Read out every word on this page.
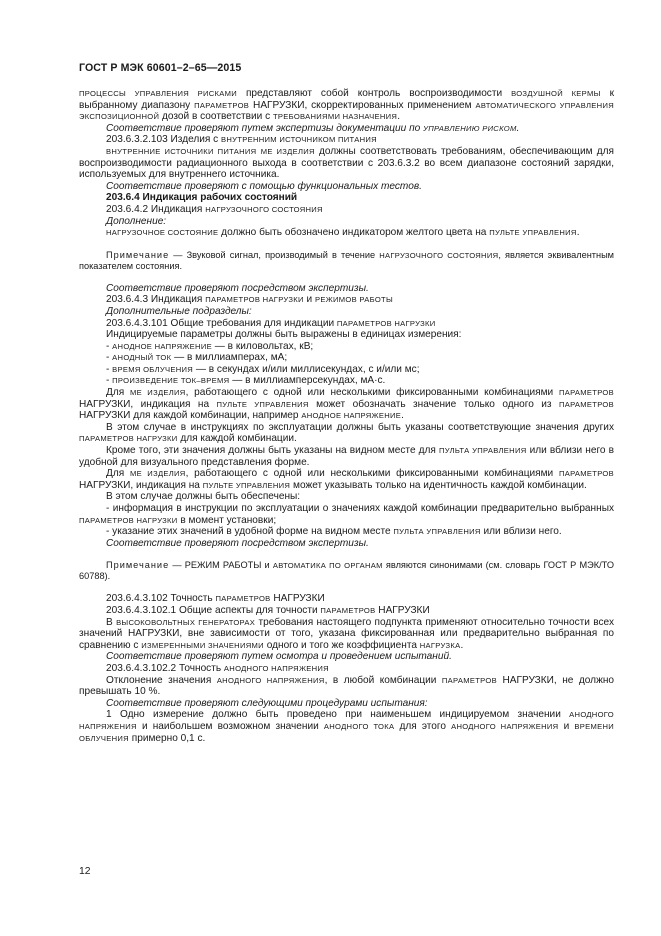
ГОСТ Р МЭК 60601–2–65—2015

ПРОЦЕССЫ УПРАВЛЕНИЯ РИСКАМИ представляют собой контроль воспроизводимости ВОЗДУШНОЙ КЕРМЫ к выбранному диапазону ПАРАМЕТРОВ НАГРУЗКИ, скорректированных применением АВТОМАТИЧЕСКОГО УПРАВЛЕНИЯ ЭКСПОЗИЦИОННОЙ дозой в соответствии с ТРЕБОВАНИЯМИ НАЗНАЧЕНИЯ.

Соответствие проверяют путем экспертизы документации по УПРАВЛЕНИЮ РИСКОМ.

203.6.3.2.103 Изделия с ВНУТРЕННИМ ИСТОЧНИКОМ ПИТАНИЯ

ВНУТРЕННИЕ ИСТОЧНИКИ ПИТАНИЯ МЕ ИЗДЕЛИЯ должны соответствовать требованиям, обеспечивающим для воспроизводимости радиационного выхода в соответствии с 203.6.3.2 во всем диапазоне состояний зарядки, используемых для внутреннего источника.

Соответствие проверяют с помощью функциональных тестов.

203.6.4 Индикация рабочих состояний

203.6.4.2 Индикация НАГРУЗОЧНОГО СОСТОЯНИЯ

Дополнение:

НАГРУЗОЧНОЕ СОСТОЯНИЕ должно быть обозначено индикатором желтого цвета на ПУЛЬТЕ УПРАВЛЕНИЯ.

Примечание — Звуковой сигнал, производимый в течение НАГРУЗОЧНОГО СОСТОЯНИЯ, является эквивалентным показателем состояния.

Соответствие проверяют посредством экспертизы.

203.6.4.3 Индикация ПАРАМЕТРОВ НАГРУЗКИ и РЕЖИМОВ РАБОТЫ

Дополнительные подразделы:

203.6.4.3.101 Общие требования для индикации ПАРАМЕТРОВ НАГРУЗКИ

Индицируемые параметры должны быть выражены в единицах измерения:

- АНОДНОЕ НАПРЯЖЕНИЕ — в киловольтах, кВ;

- АНОДНЫЙ ТОК — в миллиамперах, мА;

- ВРЕМЯ ОБЛУЧЕНИЯ — в секундах и/или миллисекундах, с и/или мс;

- ПРОИЗВЕДЕНИЕ ТОК–ВРЕМЯ — в миллиамперсекундах, мА·с.

Для МЕ ИЗДЕЛИЯ, работающего с одной или несколькими фиксированными комбинациями ПАРАМЕТРОВ НАГРУЗКИ, индикация на ПУЛЬТЕ УПРАВЛЕНИЯ может обозначать значение только одного из ПАРАМЕТРОВ НАГРУЗКИ для каждой комбинации, например АНОДНОЕ НАПРЯЖЕНИЕ.

В этом случае в инструкциях по эксплуатации должны быть указаны соответствующие значения других ПАРАМЕТРОВ НАГРУЗКИ для каждой комбинации.

Кроме того, эти значения должны быть указаны на видном месте для ПУЛЬТА УПРАВЛЕНИЯ или вблизи него в удобной для визуального представления форме.

Для МЕ ИЗДЕЛИЯ, работающего с одной или несколькими фиксированными комбинациями ПАРАМЕТРОВ НАГРУЗКИ, индикация на ПУЛЬТЕ УПРАВЛЕНИЯ может указывать только на идентичность каждой комбинации.

В этом случае должны быть обеспечены:

- информация в инструкции по эксплуатации о значениях каждой комбинации предварительно выбранных ПАРАМЕТРОВ НАГРУЗКИ в момент установки;

- указание этих значений в удобной форме на видном месте ПУЛЬТА УПРАВЛЕНИЯ или вблизи него.

Соответствие проверяют посредством экспертизы.

Примечание — РЕЖИМ РАБОТЫ и АВТОМАТИКА ПО ОРГАНАМ являются синонимами (см. словарь ГОСТ Р МЭК/ТО 60788).

203.6.4.3.102 Точность ПАРАМЕТРОВ НАГРУЗКИ

203.6.4.3.102.1 Общие аспекты для точности ПАРАМЕТРОВ НАГРУЗКИ

В ВЫСОКОВОЛЬТНЫХ ГЕНЕРАТОРАХ требования настоящего подпункта применяют относительно точности всех значений НАГРУЗКИ, вне зависимости от того, указана фиксированная или предварительно выбранная по сравнению с ИЗМЕРЕННЫМИ ЗНАЧЕНИЯМИ одного и того же коэффициента НАГРУЗКА.

Соответствие проверяют путем осмотра и проведением испытаний.

203.6.4.3.102.2 Точность АНОДНОГО НАПРЯЖЕНИЯ

Отклонение значения АНОДНОГО НАПРЯЖЕНИЯ, в любой комбинации ПАРАМЕТРОВ НАГРУЗКИ, не должно превышать 10 %.

Соответствие проверяют следующими процедурами испытания:

1 Одно измерение должно быть проведено при наименьшем индицируемом значении АНОДНОГО НАПРЯЖЕНИЯ и наибольшем возможном значении АНОДНОГО ТОКА для этого АНОДНОГО НАПРЯЖЕНИЯ и ВРЕМЕНИ ОБЛУЧЕНИЯ примерно 0,1 с.

12
